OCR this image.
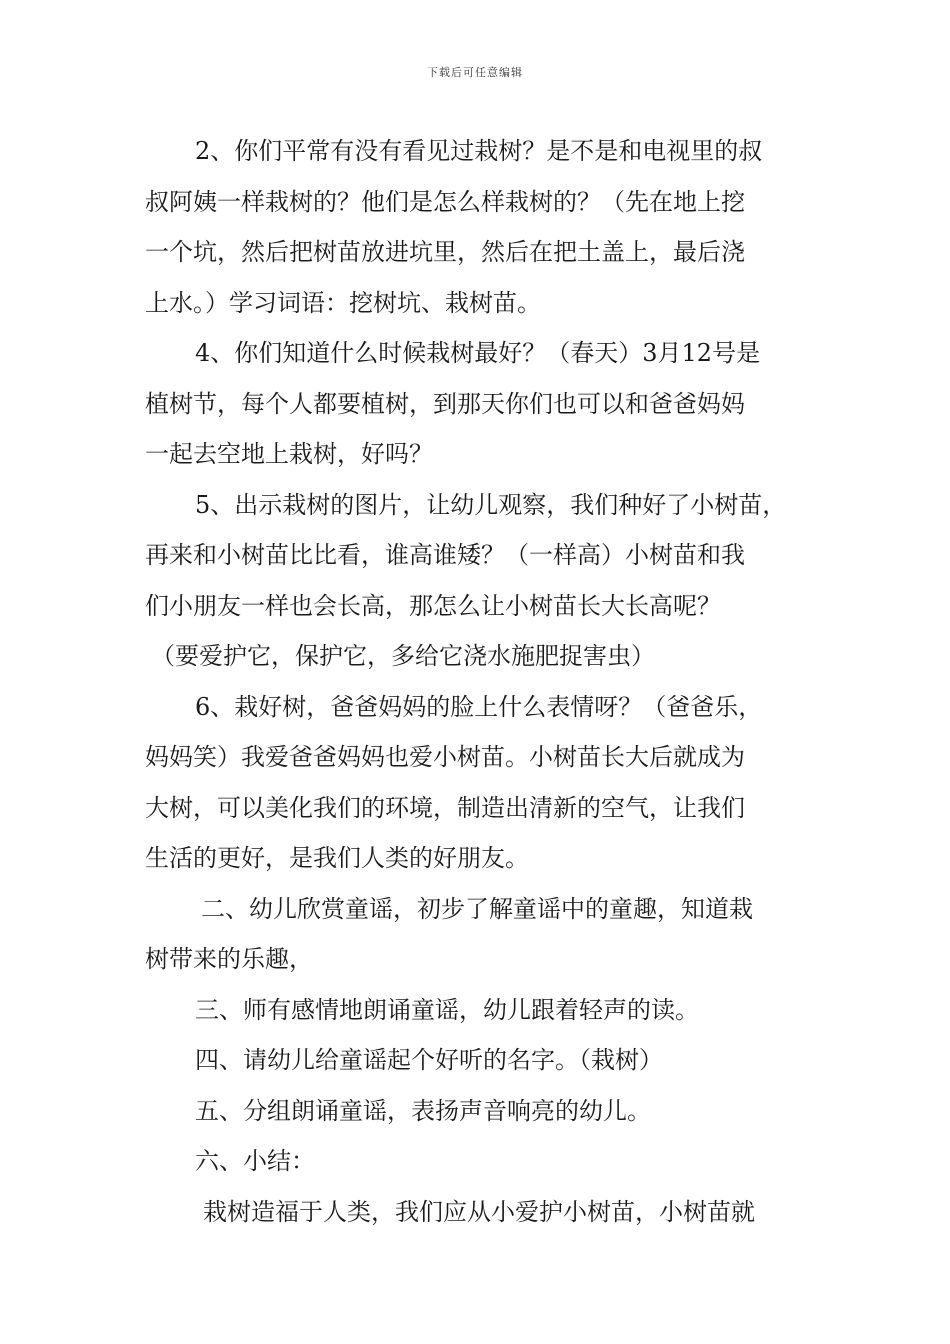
下载后可任意编辑
2、你们平常有没有看见过栽树？是不是和电视里的叔
叔阿姨一样栽树的？他们是怎么样栽树的？（先在地上挖
一个坑，然后把树苗放进坑里，然后在把土盖上，最后浇
上水。）学习词语：挖树坑、栽树苗。
4、你们知道什么时候栽树最好？（春天）3月12号是
植树节，每个人都要植树，到那天你们也可以和爸爸妈妈
一起去空地上栽树，好吗？
5、出示栽树的图片，让幼儿观察，我们种好了小树苗，
再来和小树苗比比看，谁高谁矮？（一样高）小树苗和我
们小朋友一样也会长高，那怎么让小树苗长大长高呢？
（要爱护它，保护它，多给它浇水施肥捉害虫）
6、栽好树，爸爸妈妈的脸上什么表情呀？（爸爸乐，
妈妈笑）我爱爸爸妈妈也爱小树苗。小树苗长大后就成为
大树，可以美化我们的环境，制造出清新的空气，让我们
生活的更好，是我们人类的好朋友。
二、幼儿欣赏童谣，初步了解童谣中的童趣，知道栽
树带来的乐趣，
三、师有感情地朗诵童谣，幼儿跟着轻声的读。
四、请幼儿给童谣起个好听的名字。（栽树）
五、分组朗诵童谣，表扬声音响亮的幼儿。
六、小结：
栽树造福于人类，我们应从小爱护小树苗，小树苗就
